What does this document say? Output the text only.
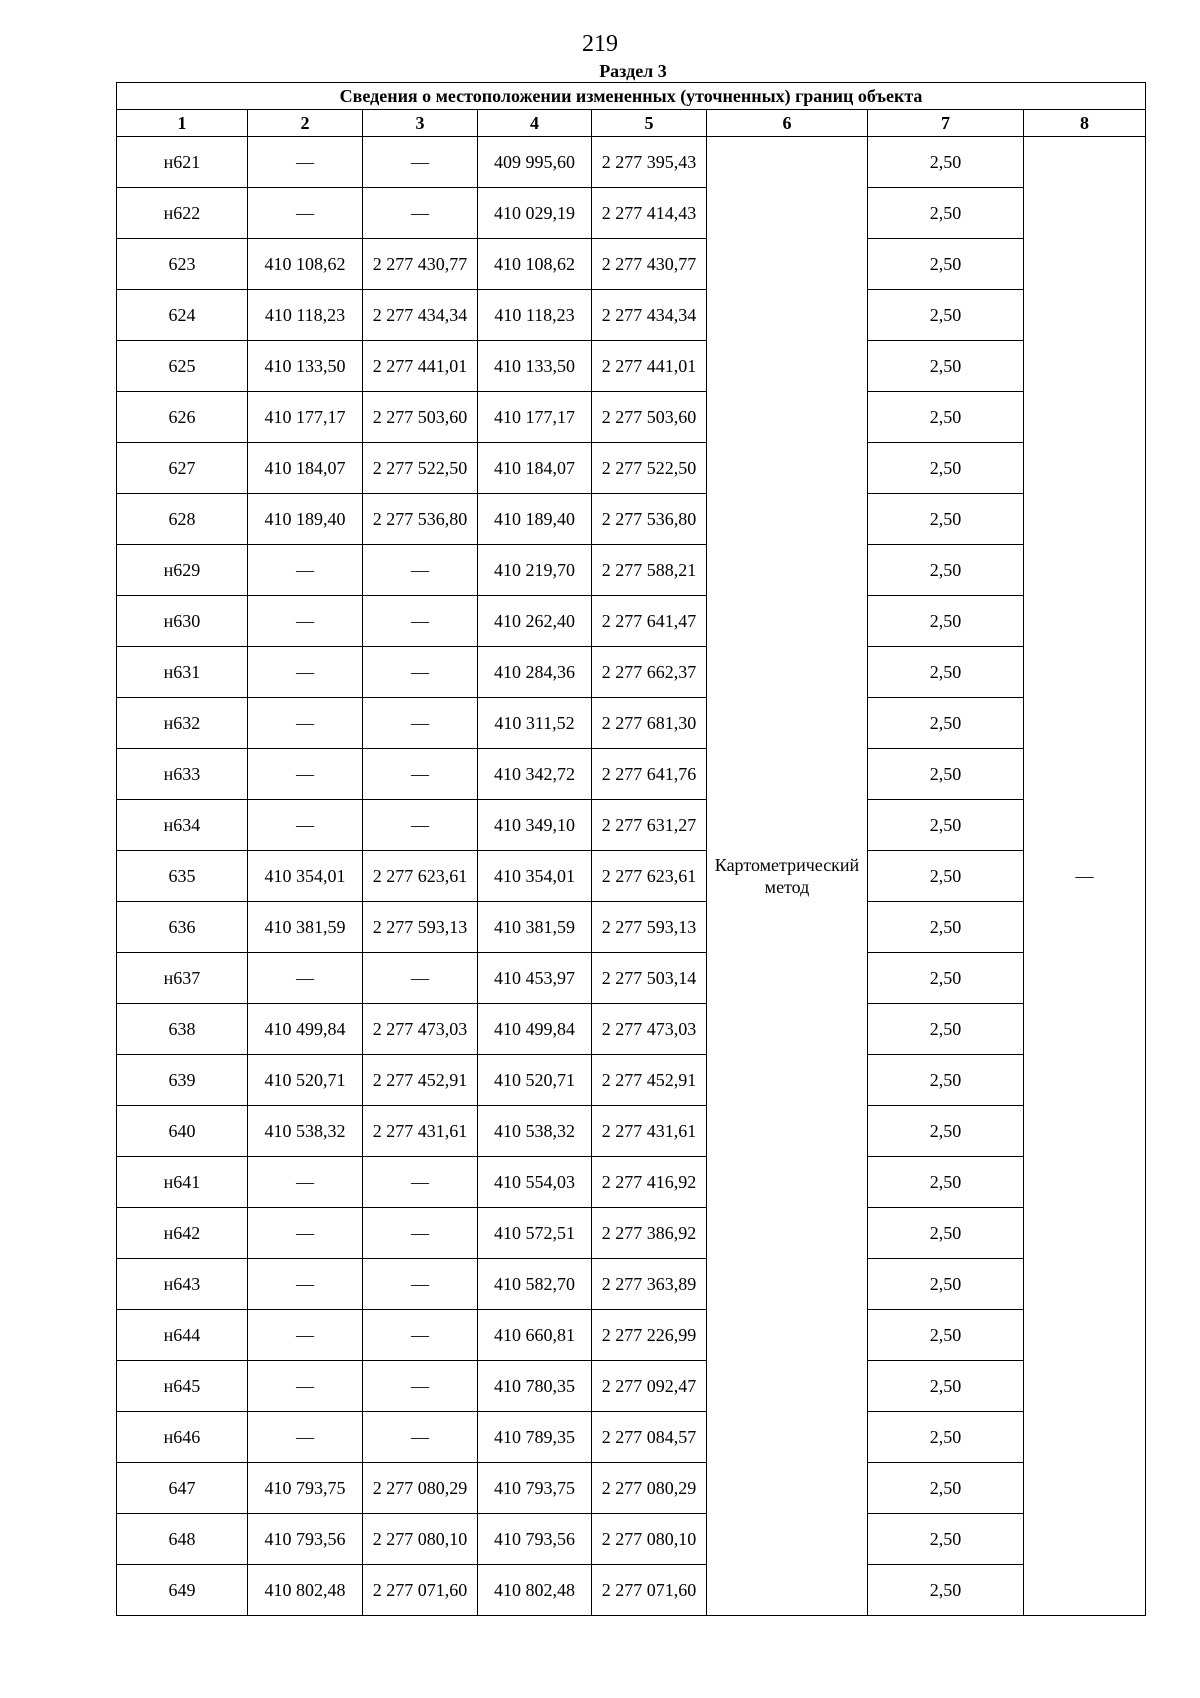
219
Раздел 3
Сведения о местоположении измененных (уточненных) границ объекта							
1	2	3	4	5	6	7	8
н621	—	—	409 995,60	2 277 395,43	Картометрический метод	2,50	—
н622	—	—	410 029,19	2 277 414,43		2,50	
623	410 108,62	2 277 430,77	410 108,62	2 277 430,77		2,50	
624	410 118,23	2 277 434,34	410 118,23	2 277 434,34		2,50	
625	410 133,50	2 277 441,01	410 133,50	2 277 441,01		2,50	
626	410 177,17	2 277 503,60	410 177,17	2 277 503,60		2,50	
627	410 184,07	2 277 522,50	410 184,07	2 277 522,50		2,50	
628	410 189,40	2 277 536,80	410 189,40	2 277 536,80		2,50	
н629	—	—	410 219,70	2 277 588,21		2,50	
н630	—	—	410 262,40	2 277 641,47		2,50	
н631	—	—	410 284,36	2 277 662,37		2,50	
н632	—	—	410 311,52	2 277 681,30		2,50	
н633	—	—	410 342,72	2 277 641,76		2,50	
н634	—	—	410 349,10	2 277 631,27		2,50	
635	410 354,01	2 277 623,61	410 354,01	2 277 623,61		2,50	
636	410 381,59	2 277 593,13	410 381,59	2 277 593,13		2,50	
н637	—	—	410 453,97	2 277 503,14		2,50	
638	410 499,84	2 277 473,03	410 499,84	2 277 473,03		2,50	
639	410 520,71	2 277 452,91	410 520,71	2 277 452,91		2,50	
640	410 538,32	2 277 431,61	410 538,32	2 277 431,61		2,50	
н641	—	—	410 554,03	2 277 416,92		2,50	
н642	—	—	410 572,51	2 277 386,92		2,50	
н643	—	—	410 582,70	2 277 363,89		2,50	
н644	—	—	410 660,81	2 277 226,99		2,50	
н645	—	—	410 780,35	2 277 092,47		2,50	
н646	—	—	410 789,35	2 277 084,57		2,50	
647	410 793,75	2 277 080,29	410 793,75	2 277 080,29		2,50	
648	410 793,56	2 277 080,10	410 793,56	2 277 080,10		2,50	
649	410 802,48	2 277 071,60	410 802,48	2 277 071,60		2,50	
